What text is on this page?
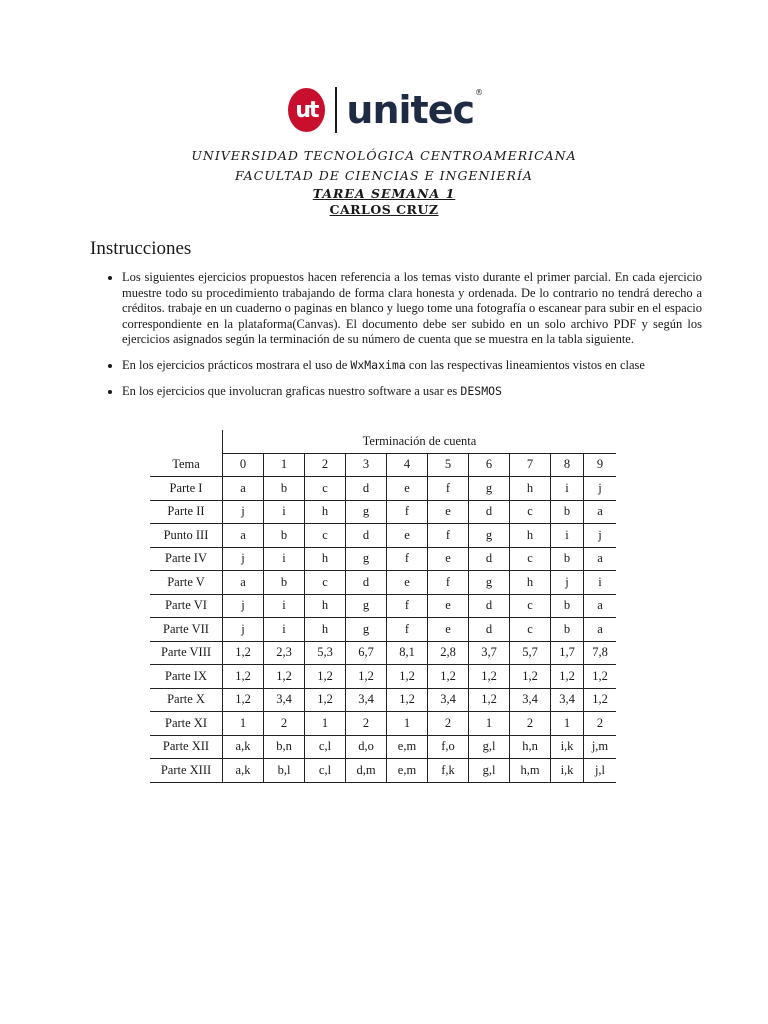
ut unitec ®
UNIVERSIDAD TECNOLÓGICA CENTROAMERICANA
FACULTAD DE CIENCIAS E INGENIERÍA
TAREA SEMANA 1
CARLOS CRUZ
Instrucciones
• Los siguientes ejercicios propuestos hacen referencia a los temas visto durante el primer parcial. En cada ejercicio muestre todo su procedimiento trabajando de forma clara honesta y ordenada. De lo contrario no tendrá derecho a créditos. trabaje en un cuaderno o paginas en blanco y luego tome una fotografía o escanear para subir en el espacio correspondiente en la plataforma(Canvas). El documento debe ser subido en un solo archivo PDF y según los ejercicios asignados según la terminación de su número de cuenta que se muestra en la tabla siguiente.
• En los ejercicios prácticos mostrara el uso de WxMaxima con las respectivas lineamientos vistos en clase
• En los ejercicios que involucran graficas nuestro software a usar es DESMOS
	Terminación de cuenta									
Tema	0	1	2	3	4	5	6	7	8	9
Parte I	a	b	c	d	e	f	g	h	i	j
Parte II	j	i	h	g	f	e	d	c	b	a
Punto III	a	b	c	d	e	f	g	h	i	j
Parte IV	j	i	h	g	f	e	d	c	b	a
Parte V	a	b	c	d	e	f	g	h	j	i
Parte VI	j	i	h	g	f	e	d	c	b	a
Parte VII	j	i	h	g	f	e	d	c	b	a
Parte VIII	1,2	2,3	5,3	6,7	8,1	2,8	3,7	5,7	1,7	7,8
Parte IX	1,2	1,2	1,2	1,2	1,2	1,2	1,2	1,2	1,2	1,2
Parte X	1,2	3,4	1,2	3,4	1,2	3,4	1,2	3,4	3,4	1,2
Parte XI	1	2	1	2	1	2	1	2	1	2
Parte XII	a,k	b,n	c,l	d,o	e,m	f,o	g,l	h,n	i,k	j,m
Parte XIII	a,k	b,l	c,l	d,m	e,m	f,k	g,l	h,m	i,k	j,l
